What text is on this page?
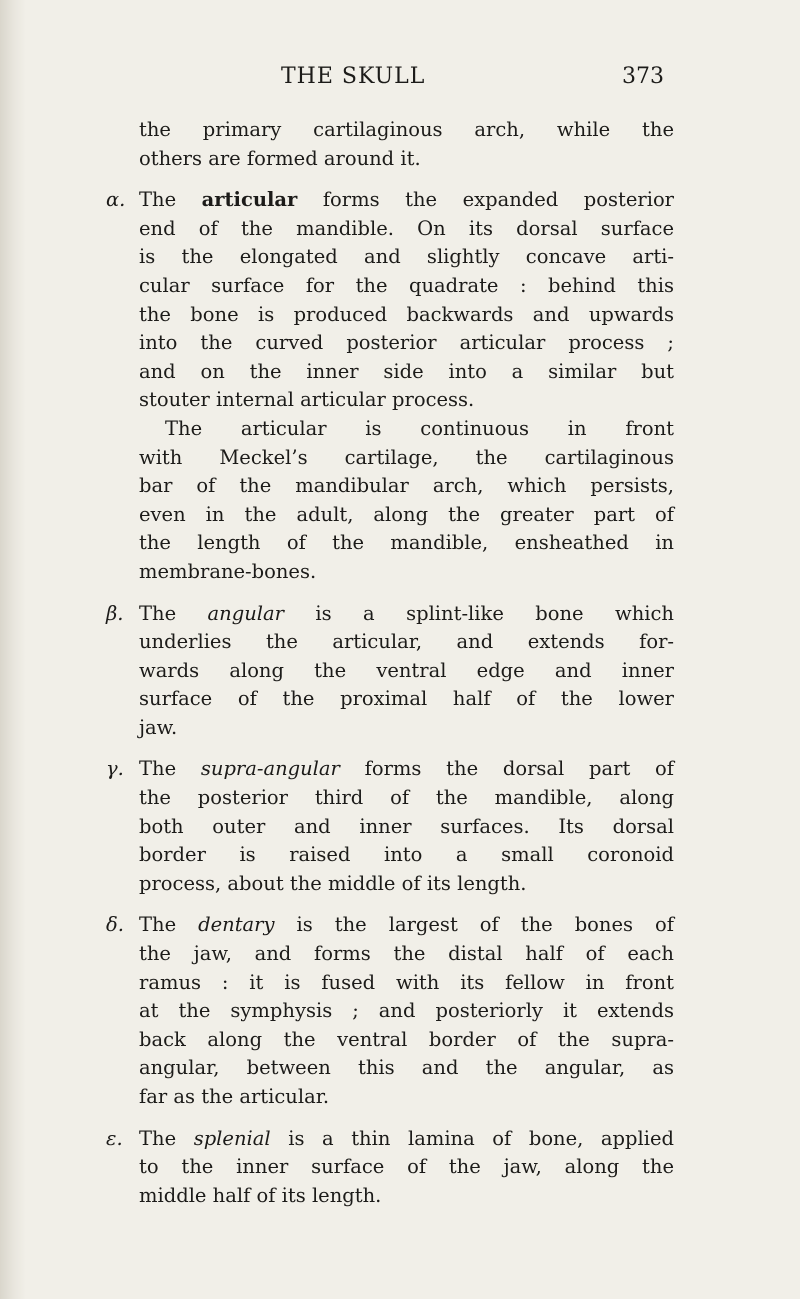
THE SKULL	373
the primary cartilaginous arch, while the
others are formed around it.
α. The articular forms the expanded posterior
end of the mandible. On its dorsal surface
is the elongated and slightly concave arti-
cular surface for the quadrate : behind this
the bone is produced backwards and upwards
into the curved posterior articular process ;
and on the inner side into a similar but
stouter internal articular process.
The articular is continuous in front
with Meckel’s cartilage, the cartilaginous
bar of the mandibular arch, which persists,
even in the adult, along the greater part of
the length of the mandible, ensheathed in
membrane-bones.
β. The angular is a splint-like bone which
underlies the articular, and extends for-
wards along the ventral edge and inner
surface of the proximal half of the lower
jaw.
γ. The supra-angular forms the dorsal part of
the posterior third of the mandible, along
both outer and inner surfaces. Its dorsal
border is raised into a small coronoid
process, about the middle of its length.
δ. The dentary is the largest of the bones of
the jaw, and forms the distal half of each
ramus : it is fused with its fellow in front
at the symphysis ; and posteriorly it extends
back along the ventral border of the supra-
angular, between this and the angular, as
far as the articular.
ε. The splenial is a thin lamina of bone, applied
to the inner surface of the jaw, along the
middle half of its length.
